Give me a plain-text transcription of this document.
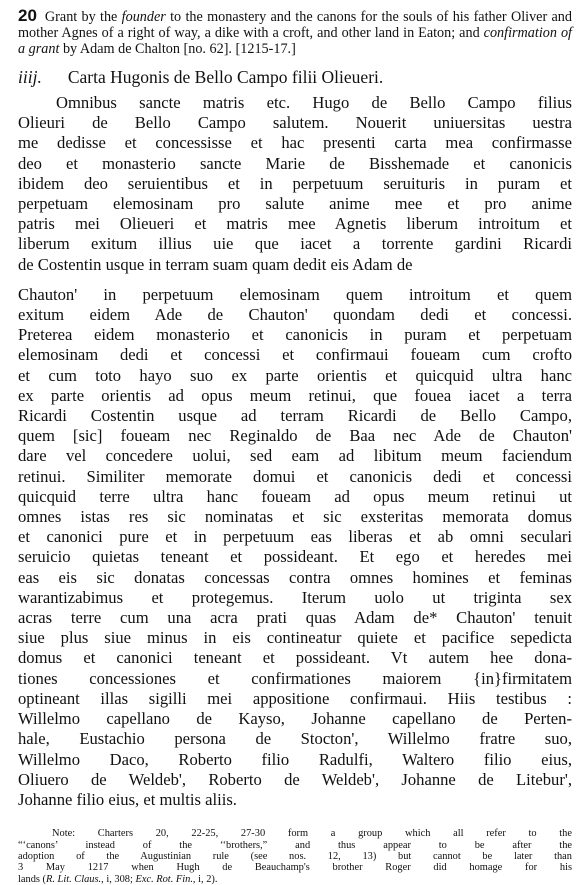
20 Grant by the founder to the monastery and the canons for the souls of his father Oliver and mother Agnes of a right of way, a dike with a croft, and other land in Eaton; and confirmation of a grant by Adam de Chalton [no. 62]. [1215-17.]

iiij. Carta Hugonis de Bello Campo filii Olieueri.
Omnibus sancte matris etc. Hugo de Bello Campo filius
Olieuri de Bello Campo salutem. Nouerit uniuersitas uestra
me dedisse et concessisse et hac presenti carta mea confirmasse
deo et monasterio sancte Marie de Bisshemade et canonicis
ibidem deo seruientibus et in perpetuum seruituris in puram et
perpetuam elemosinam pro salute anime mee et pro anime
patris mei Olieueri et matris mee Agnetis liberum introitum et
liberum exitum illius uie que iacet a torrente gardini Ricardi
de Costentin usque in terram suam quam dedit eis Adam de
Chauton' in perpetuum elemosinam quem introitum et quem
exitum eidem Ade de Chauton' quondam dedi et concessi.
Preterea eidem monasterio et canonicis in puram et perpetuam
elemosinam dedi et concessi et confirmaui foueam cum crofto
et cum toto hayo suo ex parte orientis et quicquid ultra hanc
ex parte orientis ad opus meum retinui, que fouea iacet a terra
Ricardi Costentin usque ad terram Ricardi de Bello Campo,
quem [sic] foueam nec Reginaldo de Baa nec Ade de Chauton'
dare vel concedere uolui, sed eam ad libitum meum faciendum
retinui. Similiter memorate domui et canonicis dedi et concessi
quicquid terre ultra hanc foueam ad opus meum retinui ut
omnes istas res sic nominatas et sic exsteritas memorata domus
et canonici pure et in perpetuum eas liberas et ab omni seculari
seruicio quietas teneant et possideant. Et ego et heredes mei
eas eis sic donatas concessas contra omnes homines et feminas
warantizabimus et protegemus. Iterum uolo ut triginta sex
acras terre cum una acra prati quas Adam de* Chauton' tenuit
siue plus siue minus in eis contineatur quiete et pacifice sepedicta
domus et canonici teneant et possideant. Vt autem hee dona-
tiones concessiones et confirmationes maiorem {in}firmitatem
optineant illas sigilli mei appositione confirmaui. Hiis testibus :
Willelmo capellano de Kayso, Johanne capellano de Perten-
hale, Eustachio persona de Stocton', Willelmo fratre suo,
Willelmo Daco, Roberto filio Radulfi, Waltero filio eius,
Oliuero de Weldeb', Roberto de Weldeb', Johanne de Litebur',
Johanne filio eius, et multis aliis.
Note: Charters 20, 22-25, 27-30 form a group which all refer to the
“‘canons’ instead of the ‘‘brothers,” and thus appear to be after the
adoption of the Augustinian rule (see nos. 12, 13) but cannot be later than
3 May 1217 when Hugh de Beauchamp's brother Roger did homage for his
lands (R. Lit. Claus., i, 308; Exc. Rot. Fin., i, 2).
